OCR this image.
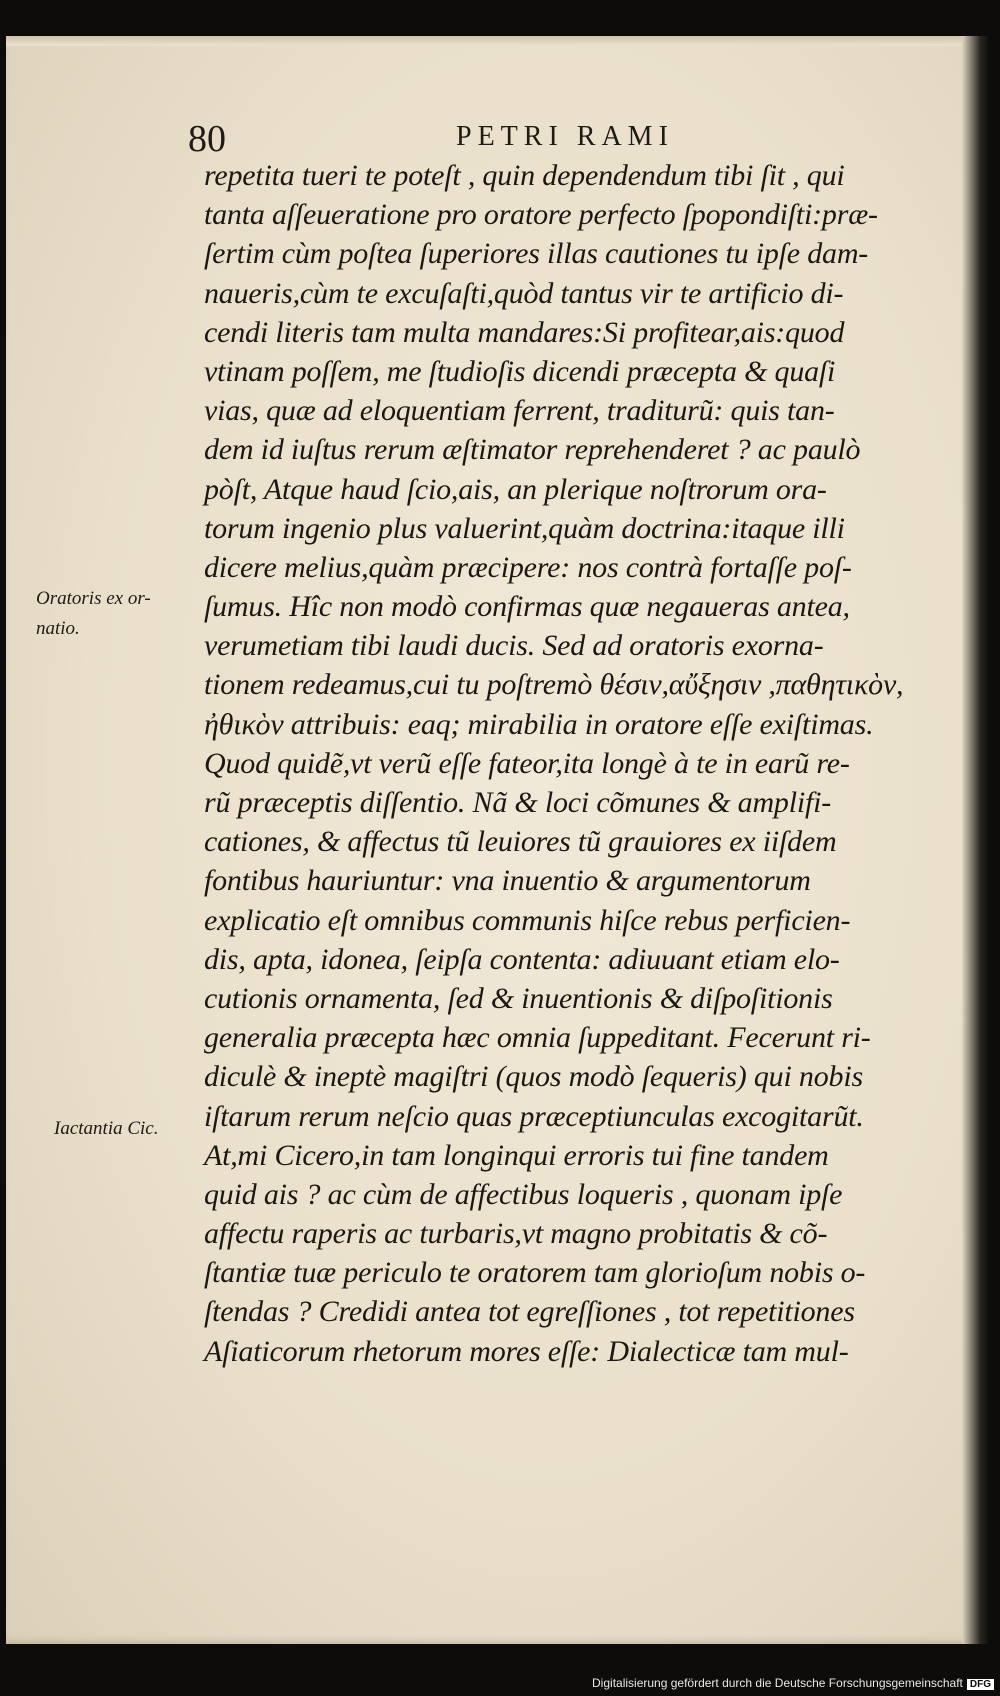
80	PETRI RAMI
repetita tueri te poteſt , quin dependendum tibi ſit , qui
tanta aſſeueratione pro oratore perfecto ſpopondiſti:præ-
ſertim cùm poſtea ſuperiores illas cautiones tu ipſe dam-
naueris,cùm te excuſaſti,quòd tantus vir te artificio di-
cendi literis tam multa mandares:Si profitear,ais:quod
vtinam poſſem, me ſtudioſis dicendi præcepta & quaſi
vias, quæ ad eloquentiam ferrent, traditurũ: quis tan-
dem id iuſtus rerum æſtimator reprehenderet ? ac paulò
pòſt, Atque haud ſcio,ais, an plerique noſtrorum ora-
torum ingenio plus valuerint,quàm doctrina:itaque illi
dicere melius,quàm præcipere: nos contrà fortaſſe poſ-
ſumus. Hîc non modò confirmas quæ negaueras antea,
verumetiam tibi laudi ducis. Sed ad oratoris exorna-
tionem redeamus,cui tu poſtremò θέσιν,αὔξησιν ,παθητικὸν,
ἠθικὸν attribuis: eaq; mirabilia in oratore eſſe exiſtimas.
Quod quidẽ,vt verũ eſſe fateor,ita longè à te in earũ re-
rũ præceptis diſſentio. Nã & loci cõmunes & amplifi-
cationes, & affectus tũ leuiores tũ grauiores ex iiſdem
fontibus hauriuntur: vna inuentio & argumentorum
explicatio eſt omnibus communis hiſce rebus perficien-
dis, apta, idonea, ſeipſa contenta: adiuuant etiam elo-
cutionis ornamenta, ſed & inuentionis & diſpoſitionis
generalia præcepta hæc omnia ſuppeditant. Fecerunt ri-
diculè & ineptè magiſtri (quos modò ſequeris) qui nobis
iſtarum rerum neſcio quas præceptiunculas excogitarũt.
At,mi Cicero,in tam longinqui erroris tui fine tandem
quid ais ? ac cùm de affectibus loqueris , quonam ipſe
affectu raperis ac turbaris,vt magno probitatis & cõ-
ſtantiæ tuæ periculo te oratorem tam glorioſum nobis o-
ſtendas ? Credidi antea tot egreſſiones , tot repetitiones
Aſiaticorum rhetorum mores eſſe: Dialecticæ tam mul-
Oratoris ex or-
natio.
Iactantia Cic.
Digitalisierung gefördert durch die Deutsche Forschungsgemeinschaft DFG
